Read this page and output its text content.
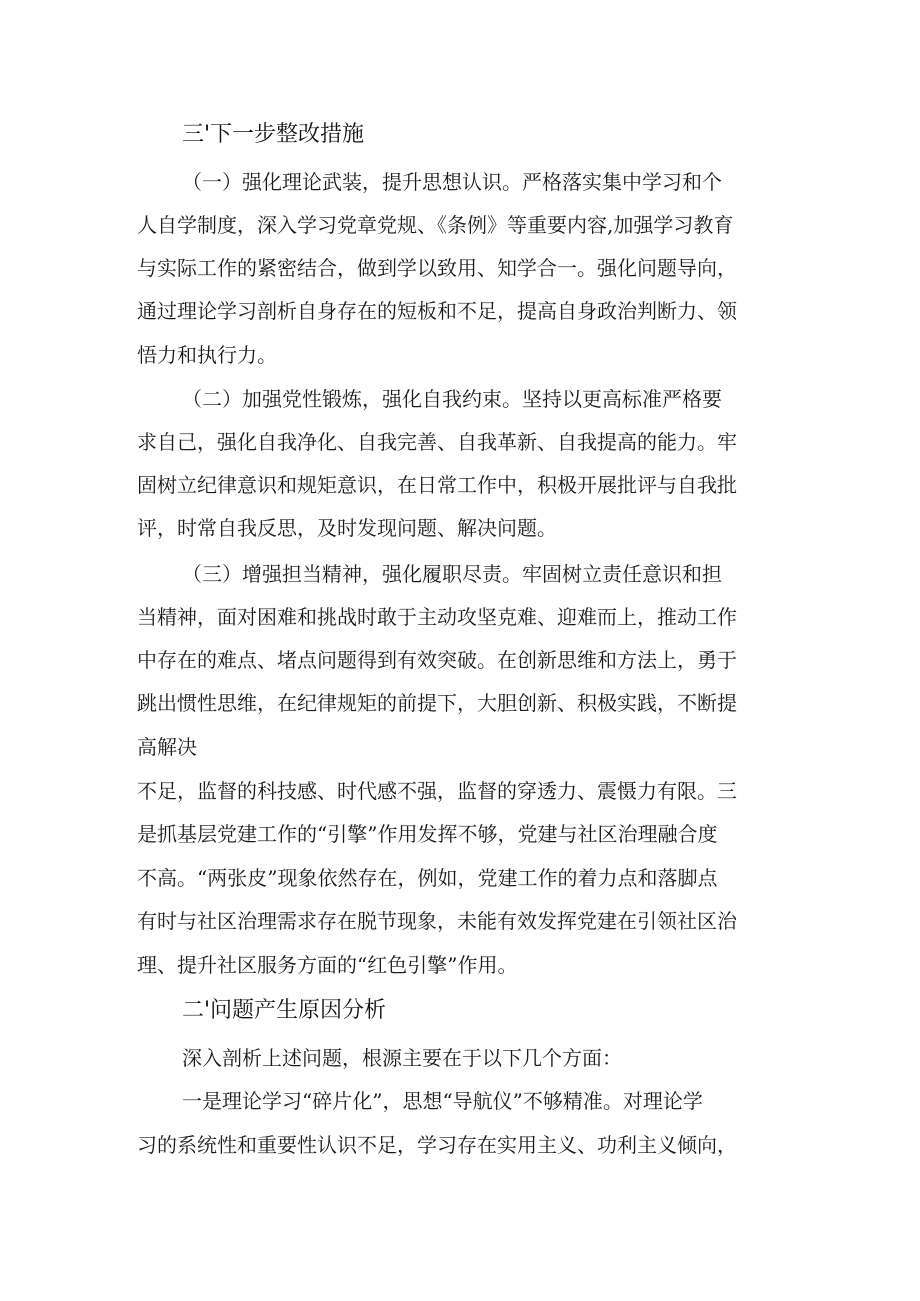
三'下一步整改措施
（一）强化理论武装，提升思想认识。严格落实集中学习和个
人自学制度，深入学习党章党规、《条例》等重要内容,加强学习教育
与实际工作的紧密结合，做到学以致用、知学合一。强化问题导向，
通过理论学习剖析自身存在的短板和不足，提高自身政治判断力、领
悟力和执行力。
（二）加强党性锻炼，强化自我约束。坚持以更高标准严格要
求自己，强化自我净化、自我完善、自我革新、自我提高的能力。牢
固树立纪律意识和规矩意识，在日常工作中，积极开展批评与自我批
评，时常自我反思，及时发现问题、解决问题。
（三）增强担当精神，强化履职尽责。牢固树立责任意识和担
当精神，面对困难和挑战时敢于主动攻坚克难、迎难而上，推动工作
中存在的难点、堵点问题得到有效突破。在创新思维和方法上，勇于
跳出惯性思维，在纪律规矩的前提下，大胆创新、积极实践，不断提
高解决
不足，监督的科技感、时代感不强，监督的穿透力、震慑力有限。三
是抓基层党建工作的“引擎”作用发挥不够，党建与社区治理融合度
不高。“两张皮”现象依然存在，例如，党建工作的着力点和落脚点
有时与社区治理需求存在脱节现象，未能有效发挥党建在引领社区治
理、提升社区服务方面的“红色引擎”作用。
二'问题产生原因分析
深入剖析上述问题，根源主要在于以下几个方面：
一是理论学习“碎片化”，思想“导航仪”不够精准。对理论学
习的系统性和重要性认识不足，学习存在实用主义、功利主义倾向，
